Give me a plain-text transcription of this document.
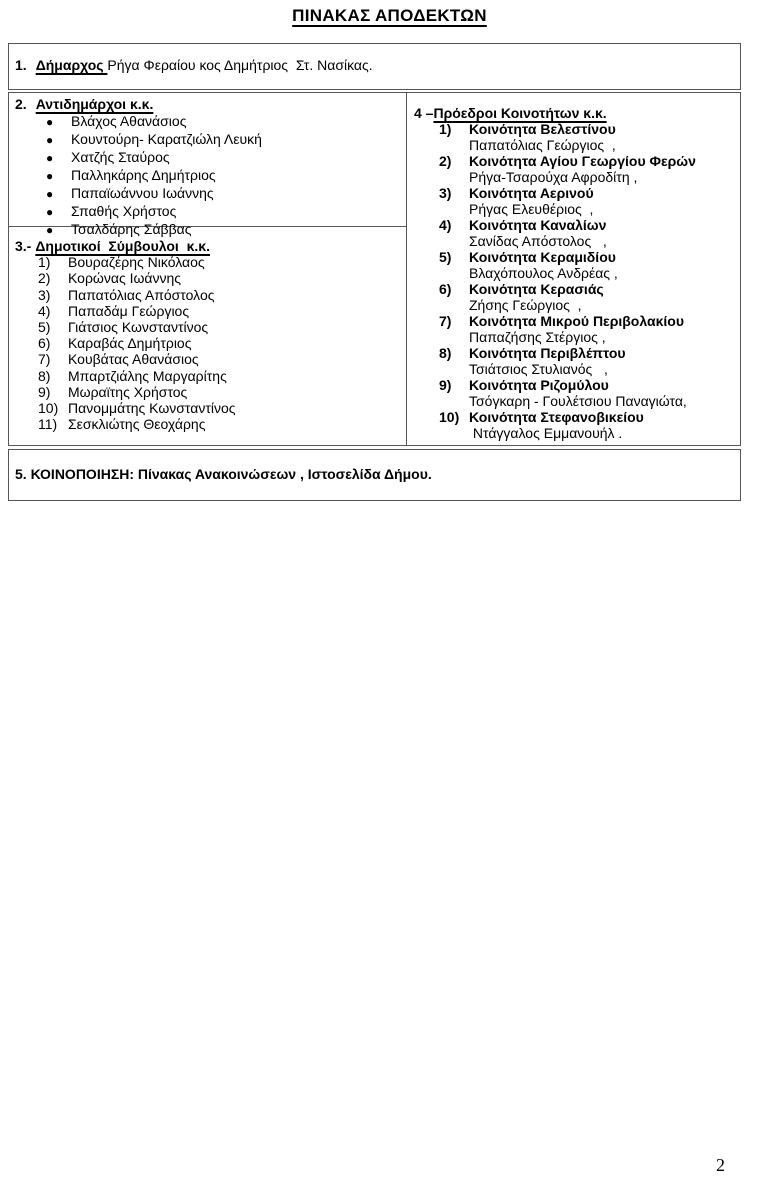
ΠΙΝΑΚΑΣ ΑΠΟΔΕΚΤΩΝ
1. Δήμαρχος Ρήγα Φεραίου κος Δημήτριος  Στ. Νασίκας.
2. Αντιδημάρχοι κ.κ.
● Βλάχος Αθανάσιος
● Κουντούρη- Καρατζιώλη Λευκή
● Χατζής Σταύρος
● Παλληκάρης Δημήτριος
● Παπαϊωάννου Ιωάννης
● Σπαθής Χρήστος
● Τσαλδάρης Σάββας
3.- Δημοτικοί  Σύμβουλοι  κ.κ.
1) Βουραζέρης Νικόλαος
2) Κορώνας Ιωάννης
3) Παπατόλιας Απόστολος
4) Παπαδάμ Γεώργιος
5) Γιάτσιος Κωνσταντίνος
6) Καραβάς Δημήτριος
7) Κουβάτας Αθανάσιος
8) Μπαρτζιάλης Μαργαρίτης
9) Μωραϊτης Χρήστος
10) Πανομμάτης Κωνσταντίνος
11) Σεσκλιώτης Θεοχάρης
4 –Πρόεδροι Κοινοτήτων κ.κ.
1) Κοινότητα Βελεστίνου
Παπατόλιας Γεώργιος  ,
2) Κοινότητα Αγίου Γεωργίου Φερών
Ρήγα-Τσαρούχα Αφροδίτη ,
3) Κοινότητα Αερινού
Ρήγας Ελευθέριος  ,
4) Κοινότητα Καναλίων
Σανίδας Απόστολος   ,
5) Κοινότητα Κεραμιδίου
Βλαχόπουλος Ανδρέας ,
6) Κοινότητα Κερασιάς
Ζήσης Γεώργιος  ,
7) Κοινότητα Μικρού Περιβολακίου
Παπαζήσης Στέργιος ,
8) Κοινότητα Περιβλέπτου
Τσιάτσιος Στυλιανός   ,
9) Κοινότητα Ριζομύλου
Τσόγκαρη - Γουλέτσιου Παναγιώτα,
10) Κοινότητα Στεφανοβικείου
Ντάγγαλος Εμμανουήλ .
5. ΚΟΙΝΟΠΟΙΗΣΗ: Πίνακας Ανακοινώσεων , Ιστοσελίδα Δήμου.
2
